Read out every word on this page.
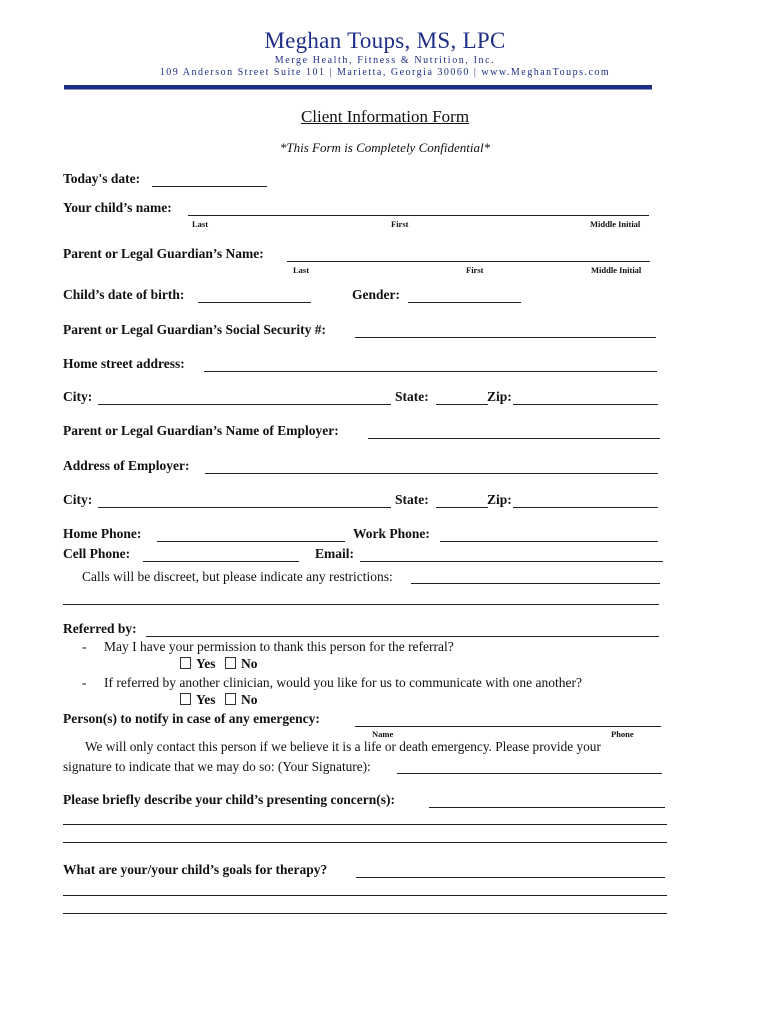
Meghan Toups, MS, LPC
Merge Health, Fitness & Nutrition, Inc.
109 Anderson Street Suite 101 | Marietta, Georgia 30060 | www.MeghanToups.com
Client Information Form
*This Form is Completely Confidential*
Today's date:
Your child’s name:
Last	First	Middle Initial
Parent or Legal Guardian’s Name:
Last	First	Middle Initial
Child’s date of birth:	Gender:
Parent or Legal Guardian’s Social Security #:
Home street address:
City:	State:	Zip:
Parent or Legal Guardian’s Name of Employer:
Address of Employer:
City:	State:	Zip:
Home Phone:	Work Phone:
Cell Phone:	Email:
Calls will be discreet, but please indicate any restrictions:
Referred by:
- May I have your permission to thank this person for the referral?
Yes	No
- If referred by another clinician, would you like for us to communicate with one another?
Yes	No
Person(s) to notify in case of any emergency:
Name	Phone
We will only contact this person if we believe it is a life or death emergency. Please provide your
signature to indicate that we may do so: (Your Signature):
Please briefly describe your child’s presenting concern(s):
What are your/your child’s goals for therapy?
